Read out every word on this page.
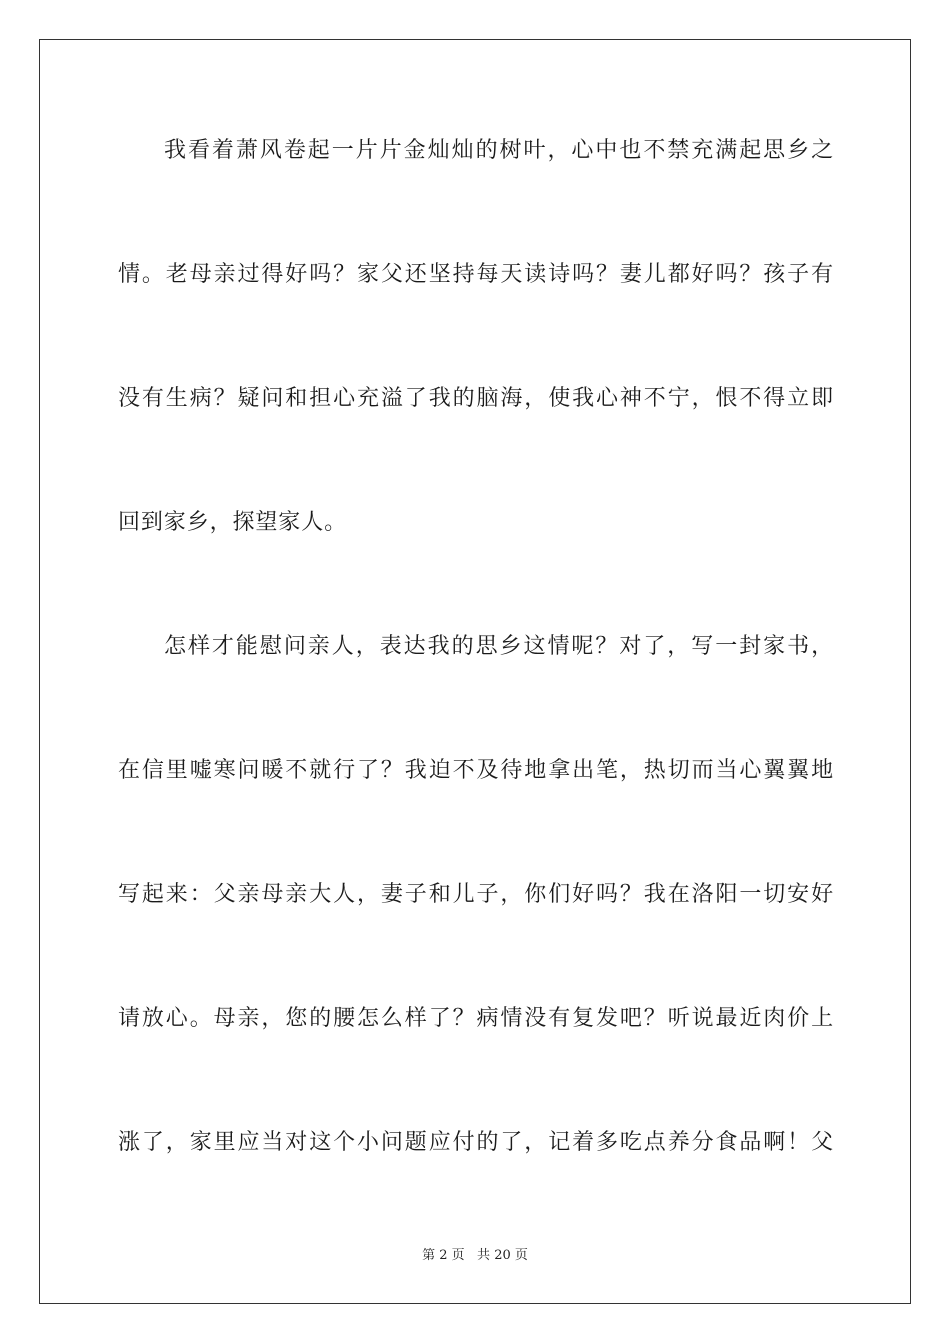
我看着萧风卷起一片片金灿灿的树叶，心中也不禁充满起思乡之
情。老母亲过得好吗？家父还坚持每天读诗吗？妻儿都好吗？孩子有
没有生病？疑问和担心充溢了我的脑海，使我心神不宁，恨不得立即
回到家乡，探望家人。
怎样才能慰问亲人，表达我的思乡这情呢？对了，写一封家书，
在信里嘘寒问暖不就行了？我迫不及待地拿出笔，热切而当心翼翼地
写起来：父亲母亲大人，妻子和儿子，你们好吗？我在洛阳一切安好
请放心。母亲，您的腰怎么样了？病情没有复发吧？听说最近肉价上
涨了，家里应当对这个小问题应付的了，记着多吃点养分食品啊！父
第 2 页   共 20 页
